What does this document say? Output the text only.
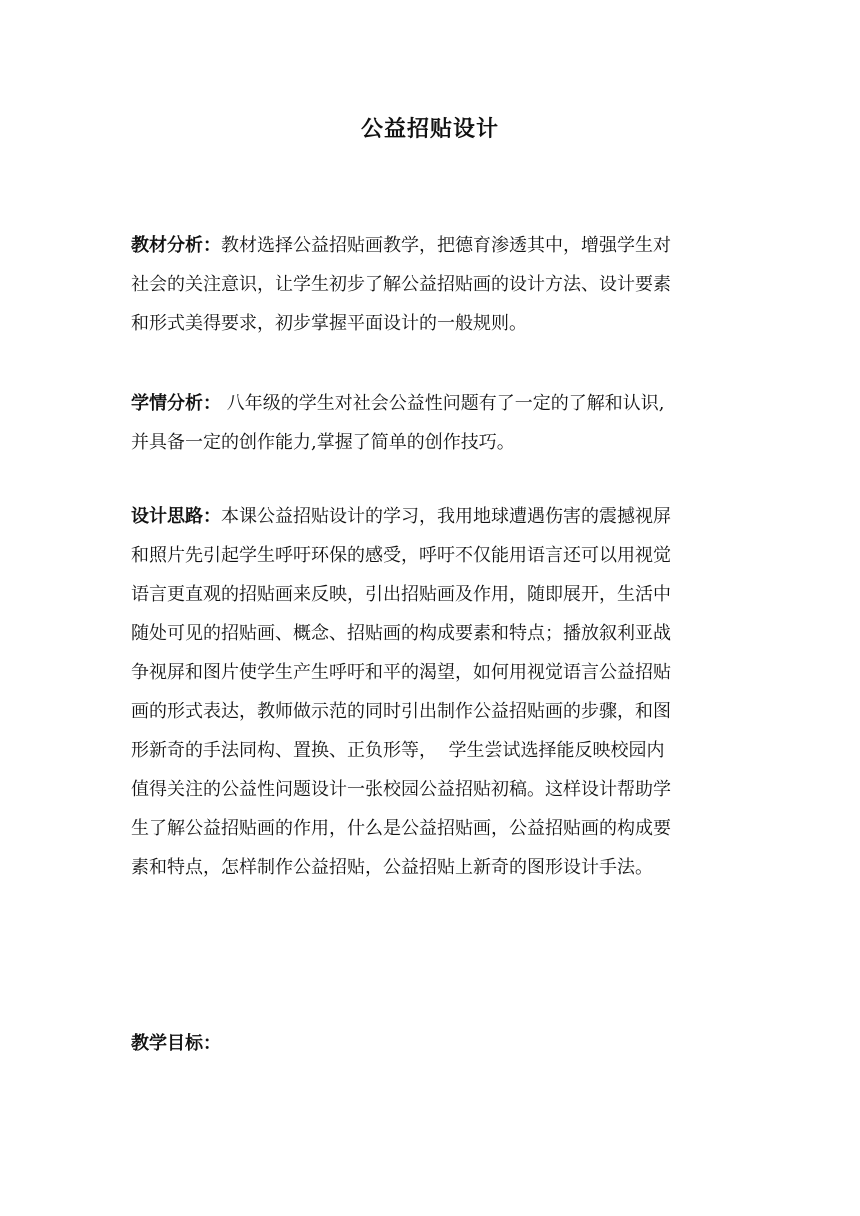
公益招贴设计
教材分析：教材选择公益招贴画教学，把德育渗透其中，增强学生对
社会的关注意识，让学生初步了解公益招贴画的设计方法、设计要素
和形式美得要求，初步掌握平面设计的一般规则。
学情分析： 八年级的学生对社会公益性问题有了一定的了解和认识,
并具备一定的创作能力,掌握了简单的创作技巧。
设计思路：本课公益招贴设计的学习，我用地球遭遇伤害的震撼视屏
和照片先引起学生呼吁环保的感受，呼吁不仅能用语言还可以用视觉
语言更直观的招贴画来反映，引出招贴画及作用，随即展开，生活中
随处可见的招贴画、概念、招贴画的构成要素和特点；播放叙利亚战
争视屏和图片使学生产生呼吁和平的渴望，如何用视觉语言公益招贴
画的形式表达，教师做示范的同时引出制作公益招贴画的步骤，和图
形新奇的手法同构、置换、正负形等，  学生尝试选择能反映校园内
值得关注的公益性问题设计一张校园公益招贴初稿。这样设计帮助学
生了解公益招贴画的作用，什么是公益招贴画，公益招贴画的构成要
素和特点，怎样制作公益招贴，公益招贴上新奇的图形设计手法。
教学目标：
